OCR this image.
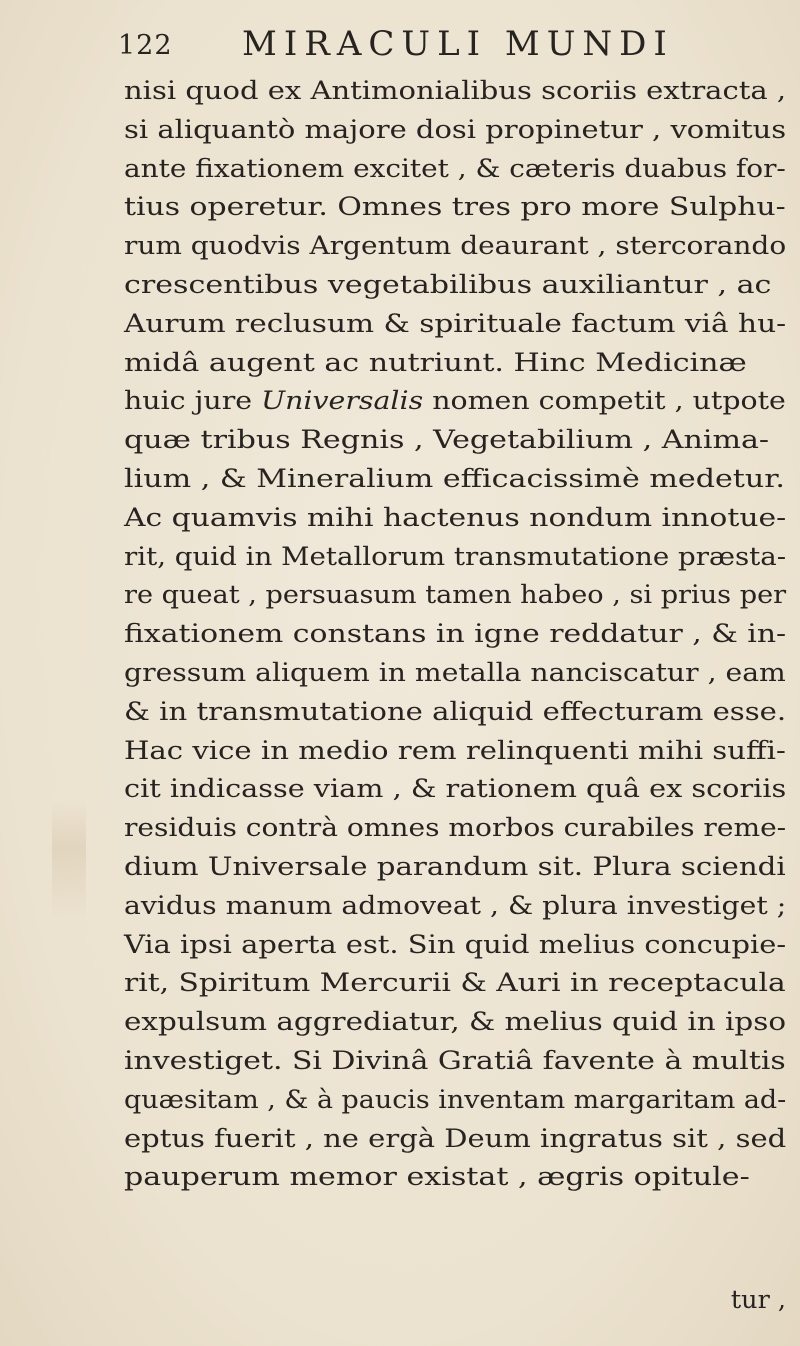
122 MIRACULI MUNDI
nisi quod ex Antimonialibus scoriis extracta ,
si aliquantò majore dosi propinetur , vomitus
ante fixationem excitet , & cæteris duabus for-
tius operetur. Omnes tres pro more Sulphu-
rum quodvis Argentum deaurant , stercorando
crescentibus vegetabilibus auxiliantur , ac
Aurum reclusum & spirituale factum viâ hu-
midâ augent ac nutriunt. Hinc Medicinæ
huic jure Universalis nomen competit , utpote
quæ tribus Regnis , Vegetabilium , Anima-
lium , & Mineralium efficacissimè medetur.
Ac quamvis mihi hactenus nondum innotue-
rit, quid in Metallorum transmutatione præsta-
re queat , persuasum tamen habeo , si prius per
fixationem constans in igne reddatur , & in-
gressum aliquem in metalla nanciscatur , eam
& in transmutatione aliquid effecturam esse.
Hac vice in medio rem relinquenti mihi suffi-
cit indicasse viam , & rationem quâ ex scoriis
residuis contrà omnes morbos curabiles reme-
dium Universale parandum sit. Plura sciendi
avidus manum admoveat , & plura investiget ;
Via ipsi aperta est. Sin quid melius concupie-
rit, Spiritum Mercurii & Auri in receptacula
expulsum aggrediatur, & melius quid in ipso
investiget. Si Divinâ Gratiâ favente à multis
quæsitam , & à paucis inventam margaritam ad-
eptus fuerit , ne ergà Deum ingratus sit , sed
pauperum memor existat , ægris opitule-
tur ,
